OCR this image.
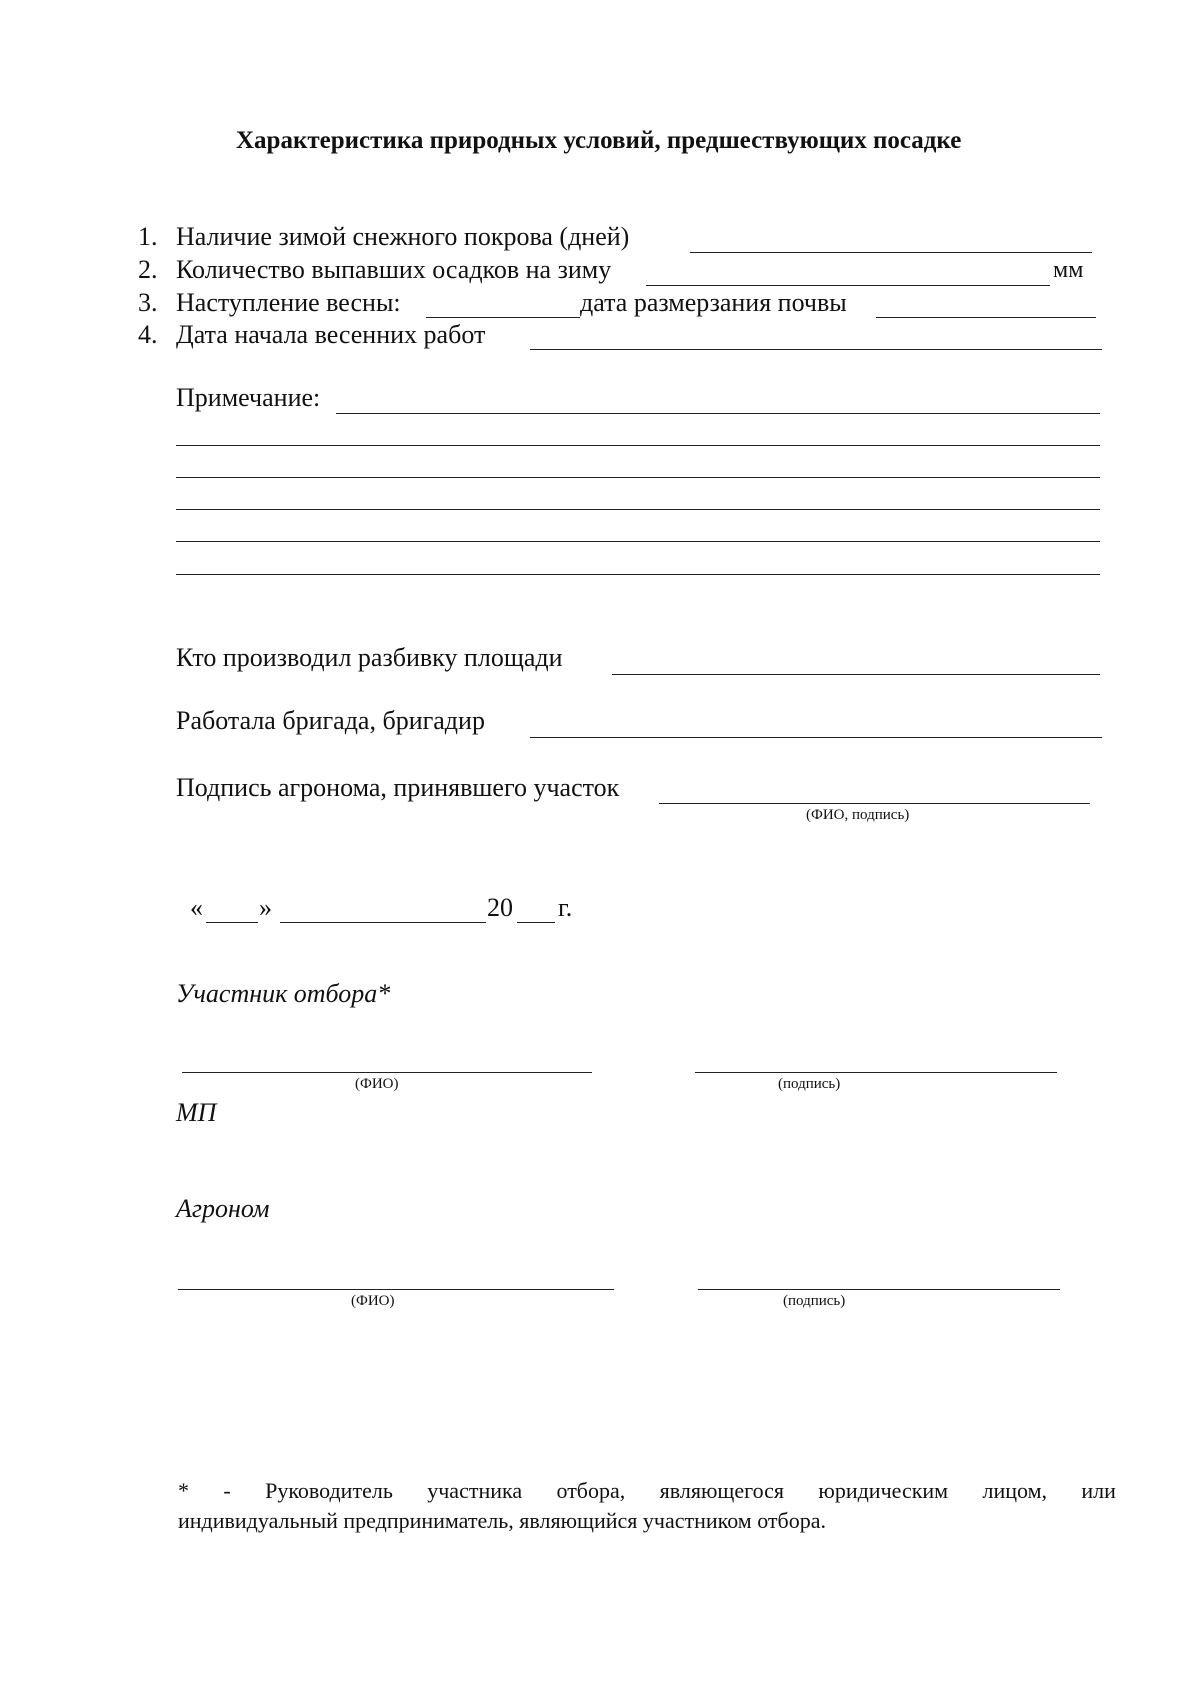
Характеристика природных условий, предшествующих посадке
1. Наличие зимой снежного покрова (дней)
2. Количество выпавших осадков на зиму	мм
3. Наступление весны:	дата размерзания почвы
4. Дата начала весенних работ
Примечание:
Кто производил разбивку площади
Работала бригада, бригадир
Подпись агронома, принявшего участок
(ФИО, подпись)
« »	20 г.
Участник отбора*
(ФИО)	(подпись)
МП
Агроном
(ФИО)	(подпись)
* - Руководитель участника отбора, являющегося юридическим лицом, или
индивидуальный предприниматель, являющийся участником отбора.
